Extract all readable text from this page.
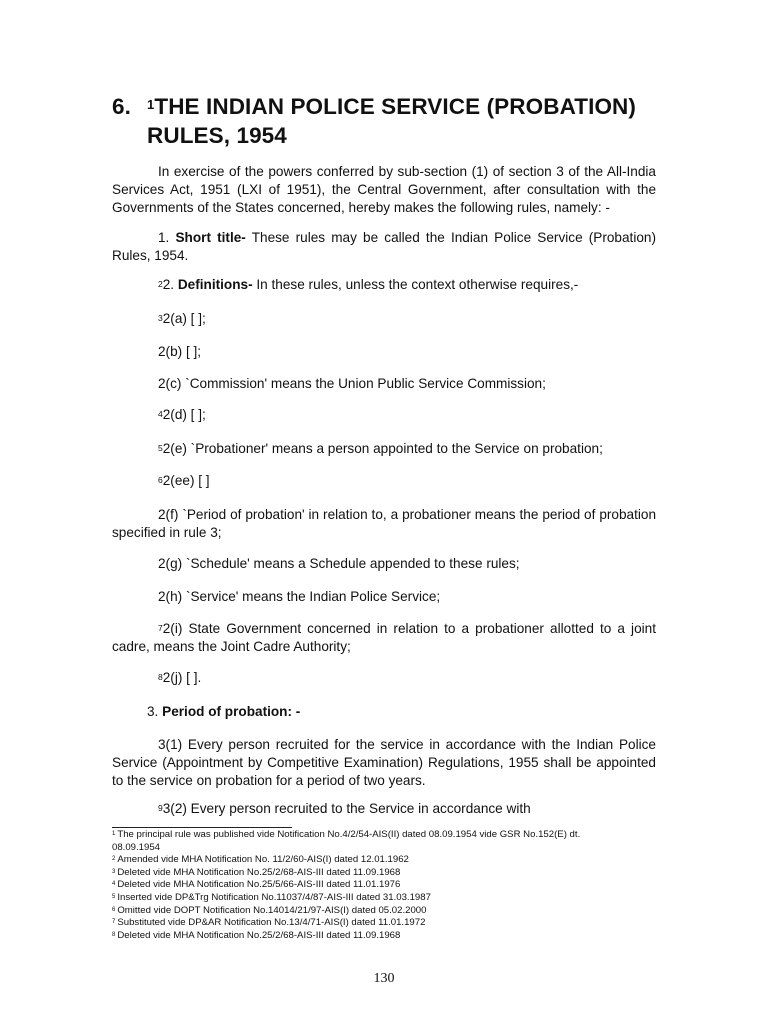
6. $^1$THE INDIAN POLICE SERVICE (PROBATION)
RULES, 1954

In exercise of the powers conferred by sub-section (1) of section 3 of the All-India Services Act, 1951 (LXI of 1951), the Central Government, after consultation with the Governments of the States concerned, hereby makes the following rules, namely: -

1. Short title- These rules may be called the Indian Police Service (Probation) Rules, 1954.

$^2$2. Definitions- In these rules, unless the context otherwise requires,-

$^3$2(a) [ ];

2(b) [ ];

2(c) `Commission' means the Union Public Service Commission;

$^4$2(d) [ ];

$^5$2(e) `Probationer' means a person appointed to the Service on probation;

$^6$2(ee) [ ]

2(f) `Period of probation' in relation to, a probationer means the period of probation specified in rule 3;

2(g) `Schedule' means a Schedule appended to these rules;

2(h) `Service' means the Indian Police Service;

$^7$2(i) State Government concerned in relation to a probationer allotted to a joint cadre, means the Joint Cadre Authority;

$^8$2(j) [ ].

3. Period of probation: -

3(1) Every person recruited for the service in accordance with the Indian Police Service (Appointment by Competitive Examination) Regulations, 1955 shall be appointed to the service on probation for a period of two years.

$^9$3(2) Every person recruited to the Service in accordance with

$^1$ The principal rule was published vide Notification No.4/2/54-AIS(II) dated 08.09.1954 vide GSR No.152(E) dt.
08.09.1954
$^2$ Amended vide MHA Notification No. 11/2/60-AIS(I) dated 12.01.1962
$^3$ Deleted vide MHA Notification No.25/2/68-AIS-III dated 11.09.1968
$^4$ Deleted vide MHA Notification No.25/5/66-AIS-III dated 11.01.1976
$^5$ Inserted vide DP&Trg Notification No.11037/4/87-AIS-III dated 31.03.1987
$^6$ Omitted vide DOPT Notification No.14014/21/97-AIS(I) dated 05.02.2000
$^7$ Substituted vide DP&AR Notification No.13/4/71-AIS(I) dated 11.01.1972
$^8$ Deleted vide MHA Notification No.25/2/68-AIS-III dated 11.09.1968
130
